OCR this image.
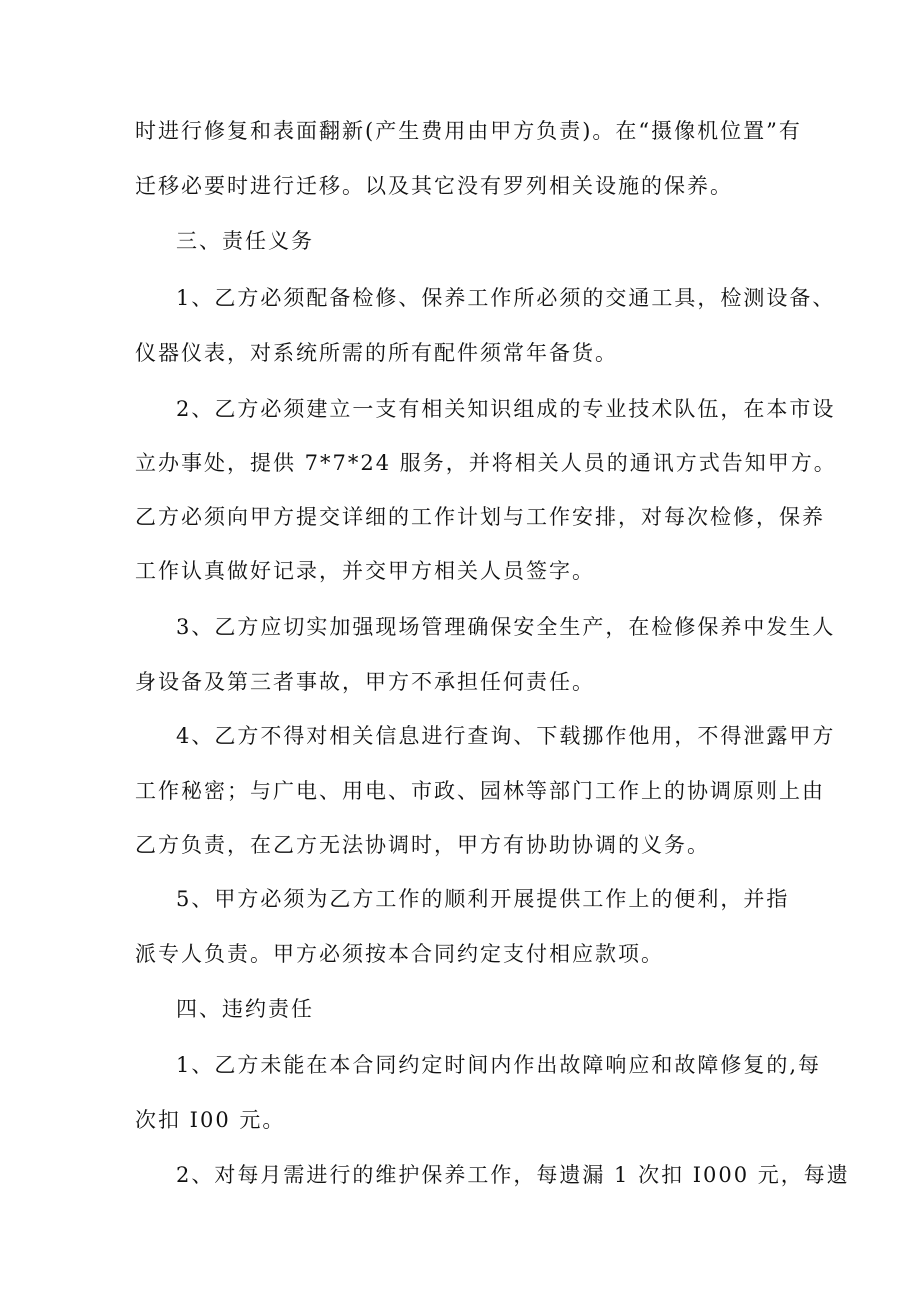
时进行修复和表面翻新(产生费用由甲方负责)。在“摄像机位置”有
迁移必要时进行迁移。以及其它没有罗列相关设施的保养。
三、责任义务
1、乙方必须配备检修、保养工作所必须的交通工具，检测设备、
仪器仪表，对系统所需的所有配件须常年备货。
2、乙方必须建立一支有相关知识组成的专业技术队伍，在本市设
立办事处，提供 7*7*24 服务，并将相关人员的通讯方式告知甲方。
乙方必须向甲方提交详细的工作计划与工作安排，对每次检修，保养
工作认真做好记录，并交甲方相关人员签字。
3、乙方应切实加强现场管理确保安全生产，在检修保养中发生人
身设备及第三者事故，甲方不承担任何责任。
4、乙方不得对相关信息进行查询、下载挪作他用，不得泄露甲方
工作秘密；与广电、用电、市政、园林等部门工作上的协调原则上由
乙方负责，在乙方无法协调时，甲方有协助协调的义务。
5、甲方必须为乙方工作的顺利开展提供工作上的便利，并指
派专人负责。甲方必须按本合同约定支付相应款项。
四、违约责任
1、乙方未能在本合同约定时间内作出故障响应和故障修复的,每
次扣 I00 元。
2、对每月需进行的维护保养工作，每遗漏 1 次扣 I000 元，每遗
